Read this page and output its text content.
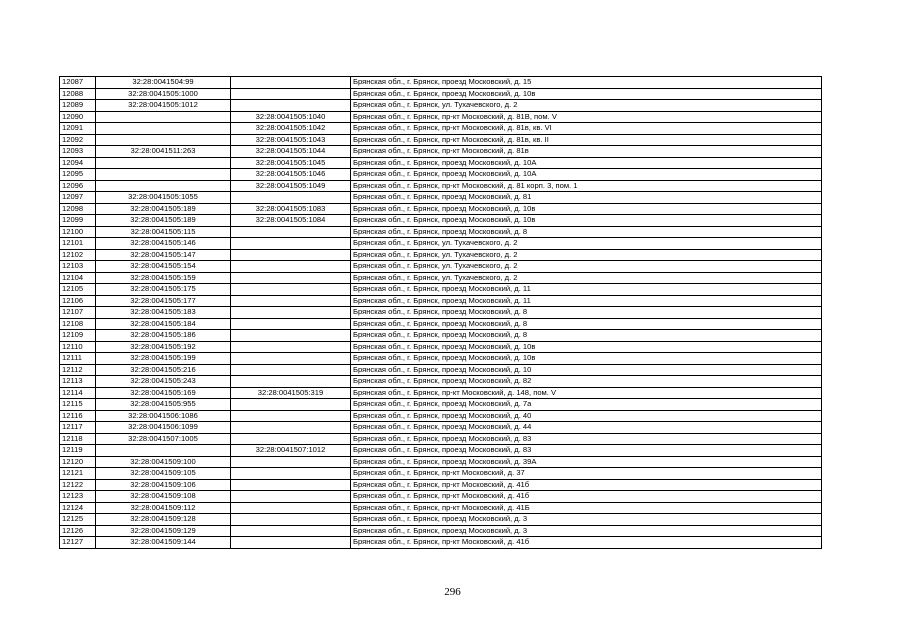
12087	32:28:0041504:99		Брянская обл., г. Брянск, проезд Московский, д. 15
12088	32:28:0041505:1000		Брянская обл., г. Брянск, проезд Московский, д. 10в
12089	32:28:0041505:1012		Брянская обл., г. Брянск, ул. Тухачевского, д. 2
12090		32:28:0041505:1040	Брянская обл., г. Брянск, пр-кт Московский, д. 81В, пом. V
12091		32:28:0041505:1042	Брянская обл., г. Брянск, пр-кт Московский, д. 81в, кв. VI
12092		32:28:0041505:1043	Брянская обл., г. Брянск, пр-кт Московский, д. 81в, кв. II
12093	32:28:0041511:263	32:28:0041505:1044	Брянская обл., г. Брянск, пр-кт Московский, д. 81в
12094		32:28:0041505:1045	Брянская обл., г. Брянск, проезд Московский, д. 10А
12095		32:28:0041505:1046	Брянская обл., г. Брянск, проезд Московский, д. 10А
12096		32:28:0041505:1049	Брянская обл., г. Брянск, пр-кт Московский, д. 81 корп. 3, пом. 1
12097	32:28:0041505:1055		Брянская обл., г. Брянск, проезд Московский, д. 81
12098	32:28:0041505:189	32:28:0041505:1083	Брянская обл., г. Брянск, проезд Московский, д. 10в
12099	32:28:0041505:189	32:28:0041505:1084	Брянская обл., г. Брянск, проезд Московский, д. 10в
12100	32:28:0041505:115		Брянская обл., г. Брянск, проезд Московский, д. 8
12101	32:28:0041505:146		Брянская обл., г. Брянск, ул. Тухачевского, д. 2
12102	32:28:0041505:147		Брянская обл., г. Брянск, ул. Тухачевского, д. 2
12103	32:28:0041505:154		Брянская обл., г. Брянск, ул. Тухачевского, д. 2
12104	32:28:0041505:159		Брянская обл., г. Брянск, ул. Тухачевского, д. 2
12105	32:28:0041505:175		Брянская обл., г. Брянск, проезд Московский, д. 11
12106	32:28:0041505:177		Брянская обл., г. Брянск, проезд Московский, д. 11
12107	32:28:0041505:183		Брянская обл., г. Брянск, проезд Московский, д. 8
12108	32:28:0041505:184		Брянская обл., г. Брянск, проезд Московский, д. 8
12109	32:28:0041505:186		Брянская обл., г. Брянск, проезд Московский, д. 8
12110	32:28:0041505:192		Брянская обл., г. Брянск, проезд Московский, д. 10в
12111	32:28:0041505:199		Брянская обл., г. Брянск, проезд Московский, д. 10в
12112	32:28:0041505:216		Брянская обл., г. Брянск, проезд Московский, д. 10
12113	32:28:0041505:243		Брянская обл., г. Брянск, проезд Московский, д. 82
12114	32:28:0041505:169	32:28:0041505:319	Брянская обл., г. Брянск, пр-кт Московский, д. 148, пом. V
12115	32:28:0041505:955		Брянская обл., г. Брянск, проезд Московский, д. 7а
12116	32:28:0041506:1086		Брянская обл., г. Брянск, проезд Московский, д. 40
12117	32:28:0041506:1099		Брянская обл., г. Брянск, проезд Московский, д. 44
12118	32:28:0041507:1005		Брянская обл., г. Брянск, проезд Московский, д. 83
12119		32:28:0041507:1012	Брянская обл., г. Брянск, проезд Московский, д. 83
12120	32:28:0041509:100		Брянская обл., г. Брянск, проезд Московский, д. 39А
12121	32:28:0041509:105		Брянская обл., г. Брянск, пр-кт Московский, д. 37
12122	32:28:0041509:106		Брянская обл., г. Брянск, пр-кт Московский, д. 41б
12123	32:28:0041509:108		Брянская обл., г. Брянск, пр-кт Московский, д. 41б
12124	32:28:0041509:112		Брянская обл., г. Брянск, пр-кт Московский, д. 41Б
12125	32:28:0041509:128		Брянская обл., г. Брянск, проезд Московский, д. 3
12126	32:28:0041509:129		Брянская обл., г. Брянск, проезд Московский, д. 3
12127	32:28:0041509:144		Брянская обл., г. Брянск, пр-кт Московский, д. 41б
296
